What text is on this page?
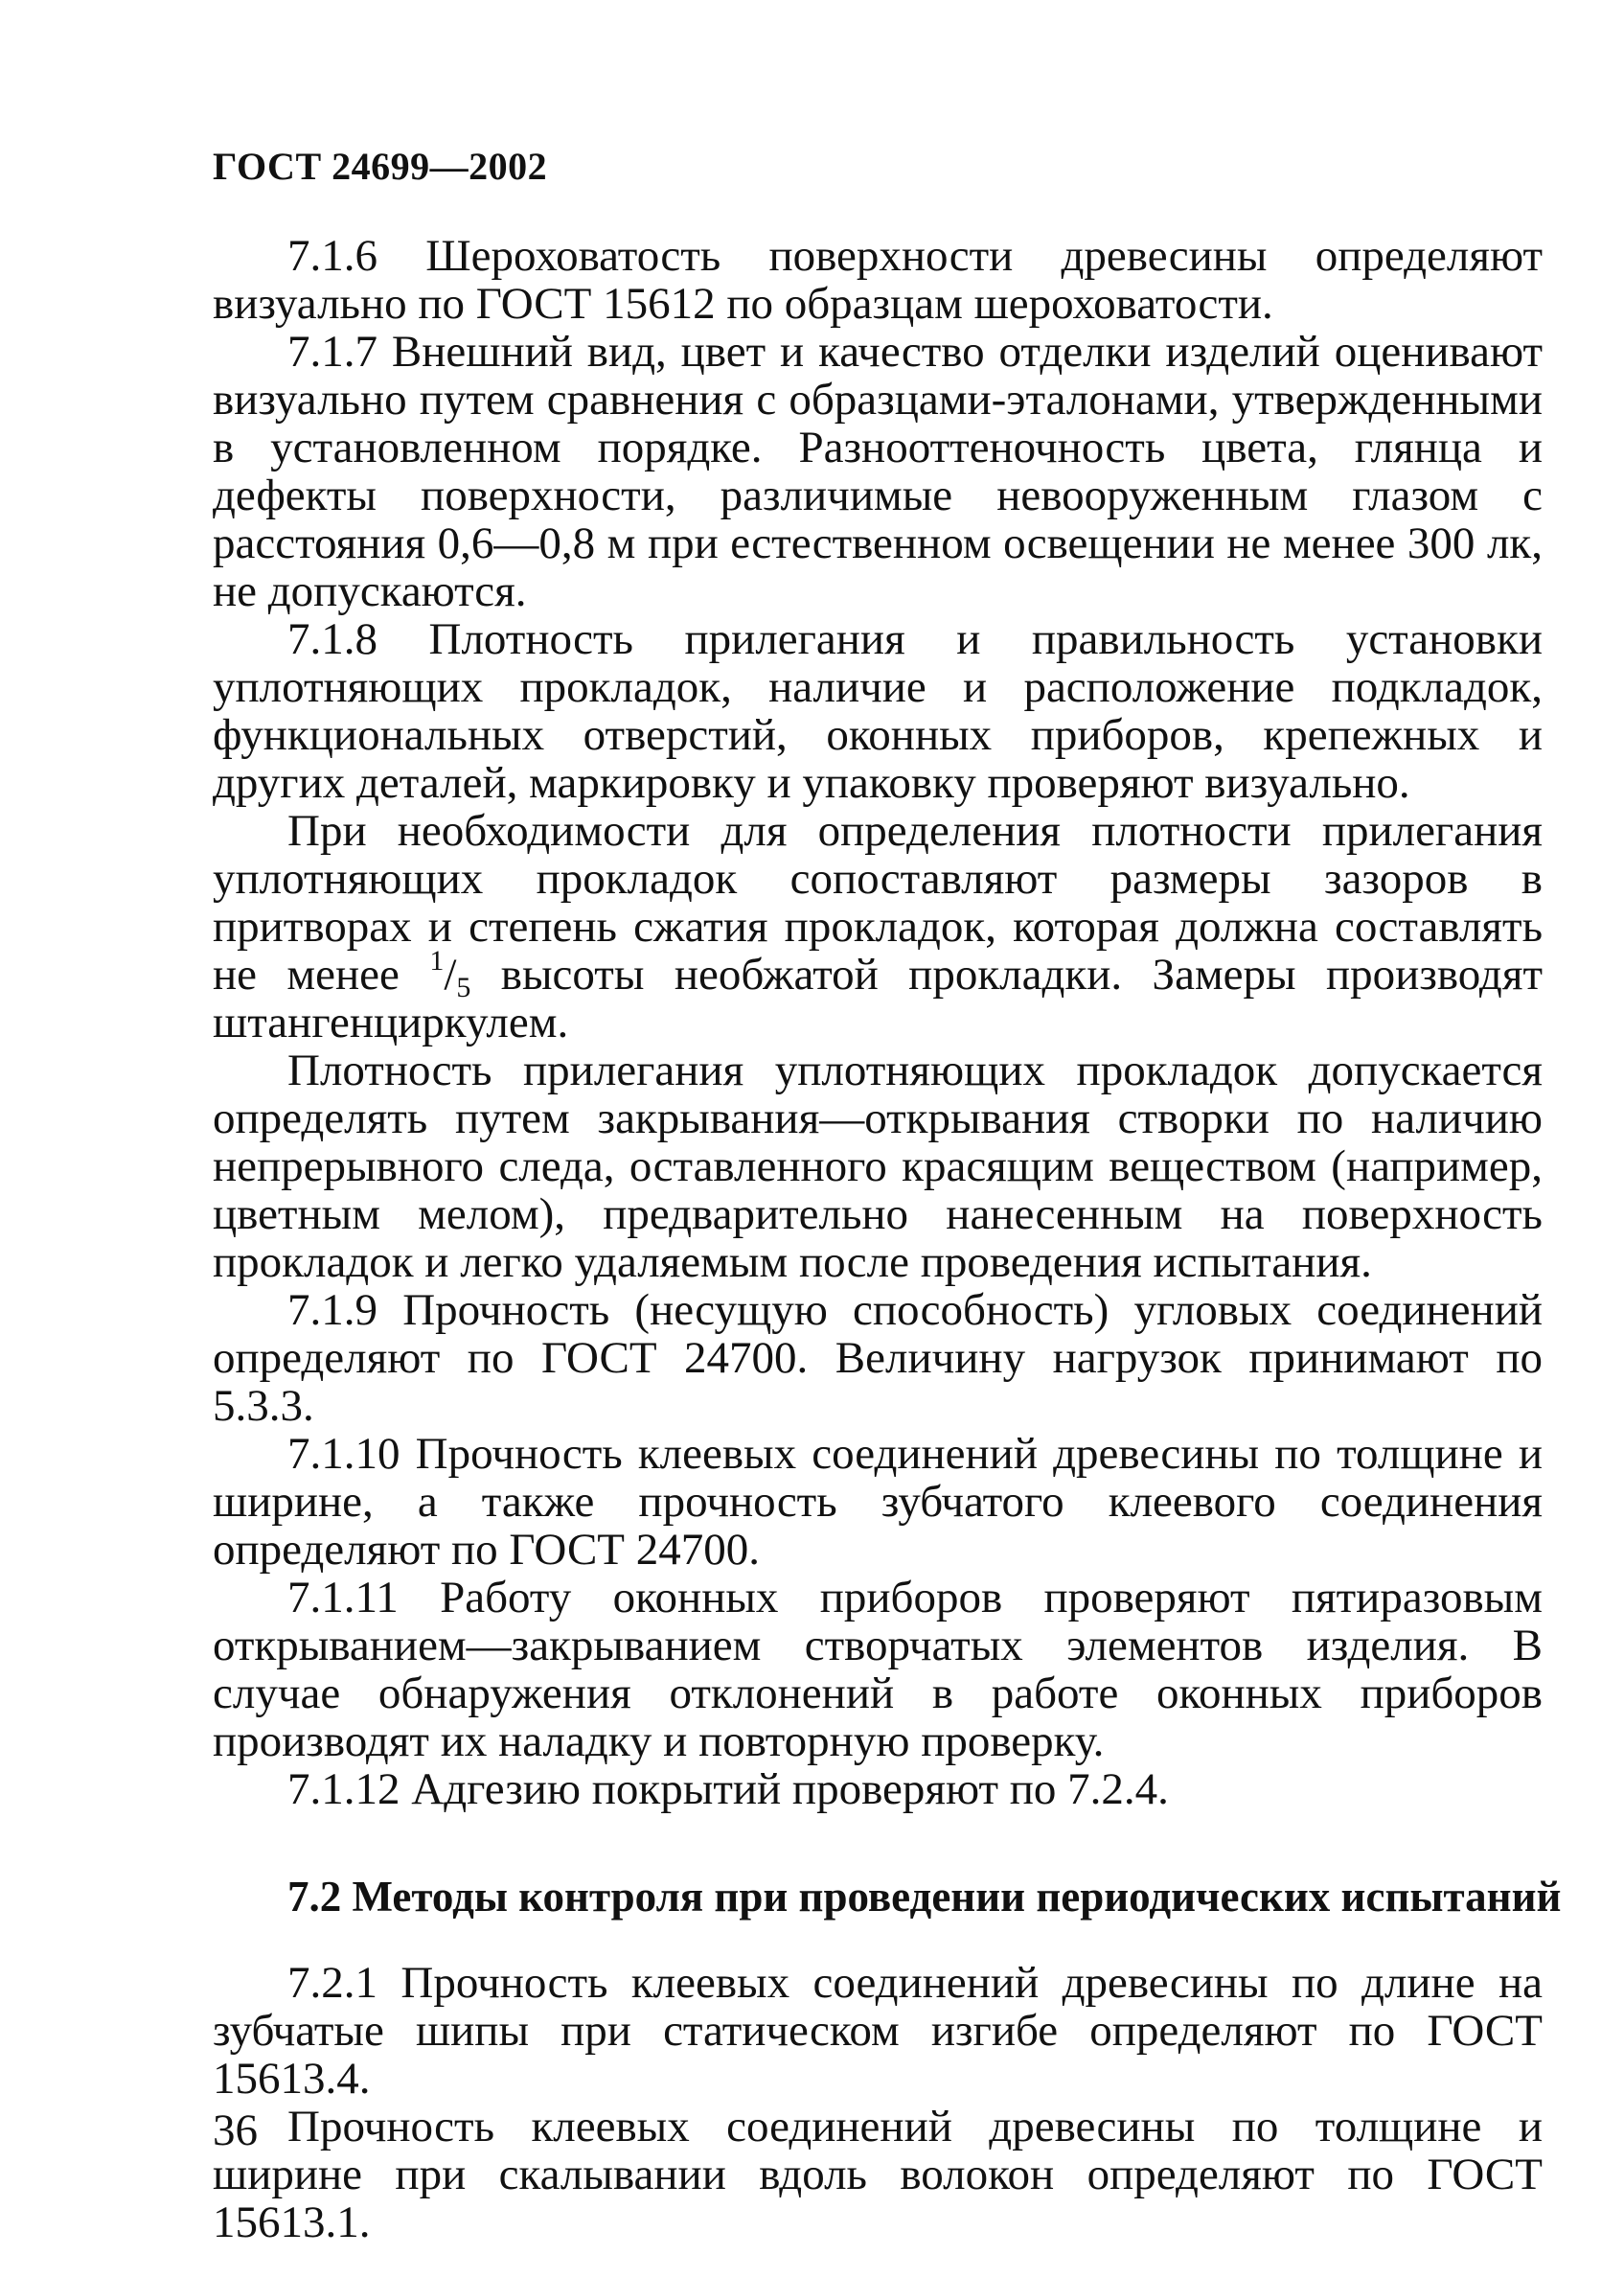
ГОСТ 24699—2002

7.1.6 Шероховатость поверхности древесины определяют визуально по ГОСТ 15612 по образцам шероховатости.

7.1.7 Внешний вид, цвет и качество отделки изделий оценивают визуально путем сравнения с образцами-эталонами, утвержденными в установленном порядке. Разнооттеночность цвета, глянца и дефекты поверхности, различимые невооруженным глазом с расстояния 0,6—0,8 м при естественном освещении не менее 300 лк, не допускаются.

7.1.8 Плотность прилегания и правильность установки уплотняющих прокладок, наличие и расположение подкладок, функциональных отверстий, оконных приборов, крепежных и других деталей, маркировку и упаковку проверяют визуально.

При необходимости для определения плотности прилегания уплотняющих прокладок сопоставляют размеры зазоров в притворах и степень сжатия прокладок, которая должна составлять не менее $^1/_5$ высоты необжатой прокладки. Замеры производят штангенциркулем.

Плотность прилегания уплотняющих прокладок допускается определять путем закрывания—открывания створки по наличию непрерывного следа, оставленного красящим веществом (например, цветным мелом), предварительно нанесенным на поверхность прокладок и легко удаляемым после проведения испытания.

7.1.9 Прочность (несущую способность) угловых соединений определяют по ГОСТ 24700. Величину нагрузок принимают по 5.3.3.

7.1.10 Прочность клеевых соединений древесины по толщине и ширине, а также прочность зубчатого клеевого соединения определяют по ГОСТ 24700.

7.1.11 Работу оконных приборов проверяют пятиразовым открыванием—закрыванием створчатых элементов изделия. В случае обнаружения отклонений в работе оконных приборов производят их наладку и повторную проверку.

7.1.12 Адгезию покрытий проверяют по 7.2.4.

7.2 Методы контроля при проведении периодических испытаний

7.2.1 Прочность клеевых соединений древесины по длине на зубчатые шипы при статическом изгибе определяют по ГОСТ 15613.4.

Прочность клеевых соединений древесины по толщине и ширине при скалывании вдоль волокон определяют по ГОСТ 15613.1.

36
